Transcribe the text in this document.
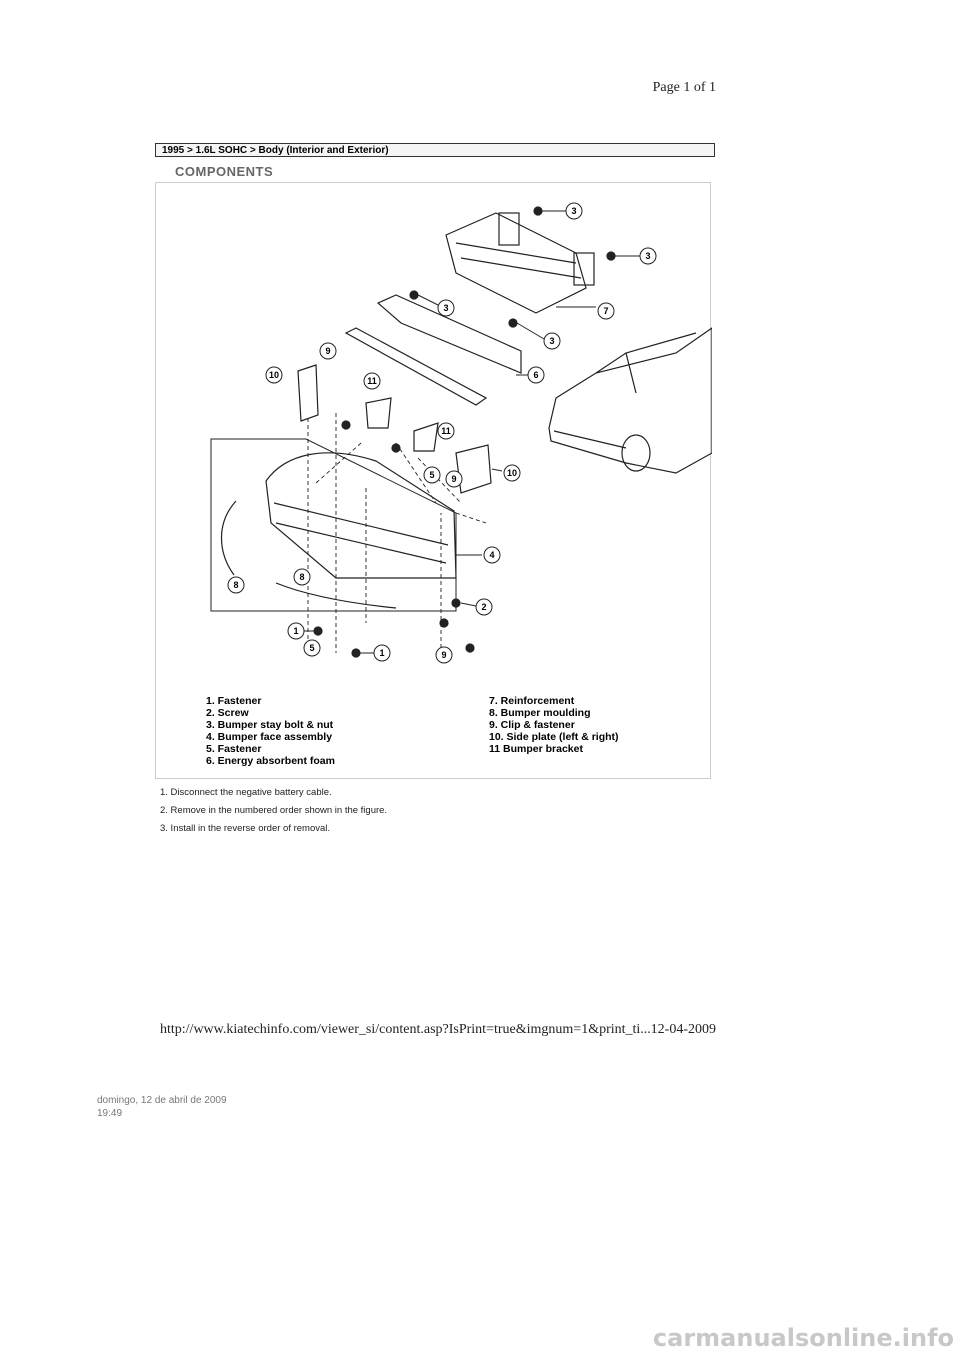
Page 1 of 1
1995 > 1.6L SOHC > Body (Interior and Exterior)
COMPONENTS
3
3
3
3
7
6
9
10
11
11
5 9
10
4
8
8
2
1
5	1	9
1. Fastener
2. Screw
3. Bumper stay bolt & nut
4. Bumper face assembly
5. Fastener
6. Energy absorbent foam
7. Reinforcement
8. Bumper moulding
9. Clip & fastener
10. Side plate (left & right)
11 Bumper bracket
1. Disconnect the negative battery cable.
2. Remove in the numbered order shown in the figure.
3. Install in the reverse order of removal.
http://www.kiatechinfo.com/viewer_si/content.asp?IsPrint=true&imgnum=1&print_ti... 12-04-2009
domingo, 12 de abril de 2009
19:49
carmanualsonline.info
